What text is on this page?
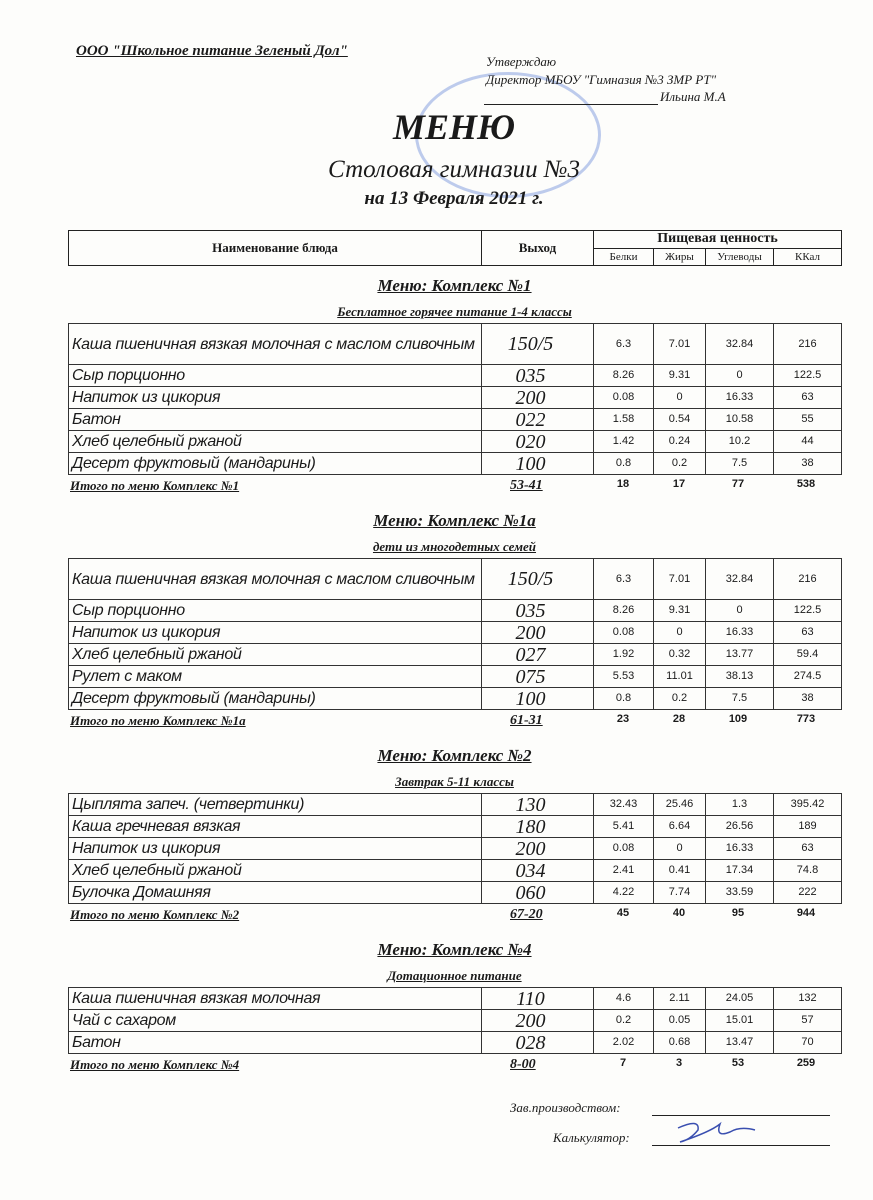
ООО "Школьное питание Зеленый Дол"
Утверждаю
Директор МБОУ "Гимназия №3 ЗМР РТ"
Ильина М.А
МЕНЮ
Столовая гимназии №3
на 13 Февраля 2021 г.
Наименование блюда	Выход	Пищевая ценность			
		Белки	Жиры	Углеводы	ККал
Меню: Комплекс №1
Бесплатное горячее питание 1-4 классы
Каша пшеничная вязкая молочная с маслом сливочным	150/5	6.3	7.01	32.84	216
Сыр порционно	035	8.26	9.31	0	122.5
Напиток из цикория	200	0.08	0	16.33	63
Батон	022	1.58	0.54	10.58	55
Хлеб целебный ржаной	020	1.42	0.24	10.2	44
Десерт фруктовый (мандарины)	100	0.8	0.2	7.5	38
Итого по меню Комплекс №1	53-41	18	17	77	538
Меню: Комплекс №1а
дети из многодетных семей
Каша пшеничная вязкая молочная с маслом сливочным	150/5	6.3	7.01	32.84	216
Сыр порционно	035	8.26	9.31	0	122.5
Напиток из цикория	200	0.08	0	16.33	63
Хлеб целебный ржаной	027	1.92	0.32	13.77	59.4
Рулет с маком	075	5.53	11.01	38.13	274.5
Десерт фруктовый (мандарины)	100	0.8	0.2	7.5	38
Итого по меню Комплекс №1а	61-31	23	28	109	773
Меню: Комплекс №2
Завтрак 5-11 классы
Цыплята запеч. (четвертинки)	130	32.43	25.46	1.3	395.42
Каша гречневая вязкая	180	5.41	6.64	26.56	189
Напиток из цикория	200	0.08	0	16.33	63
Хлеб целебный ржаной	034	2.41	0.41	17.34	74.8
Булочка Домашняя	060	4.22	7.74	33.59	222
Итого по меню Комплекс №2	67-20	45	40	95	944
Меню: Комплекс №4
Дотационное питание
Каша пшеничная вязкая молочная	110	4.6	2.11	24.05	132
Чай с сахаром	200	0.2	0.05	15.01	57
Батон	028	2.02	0.68	13.47	70
Итого по меню Комплекс №4	8-00	7	3	53	259
Зав.производством:
Калькулятор:
